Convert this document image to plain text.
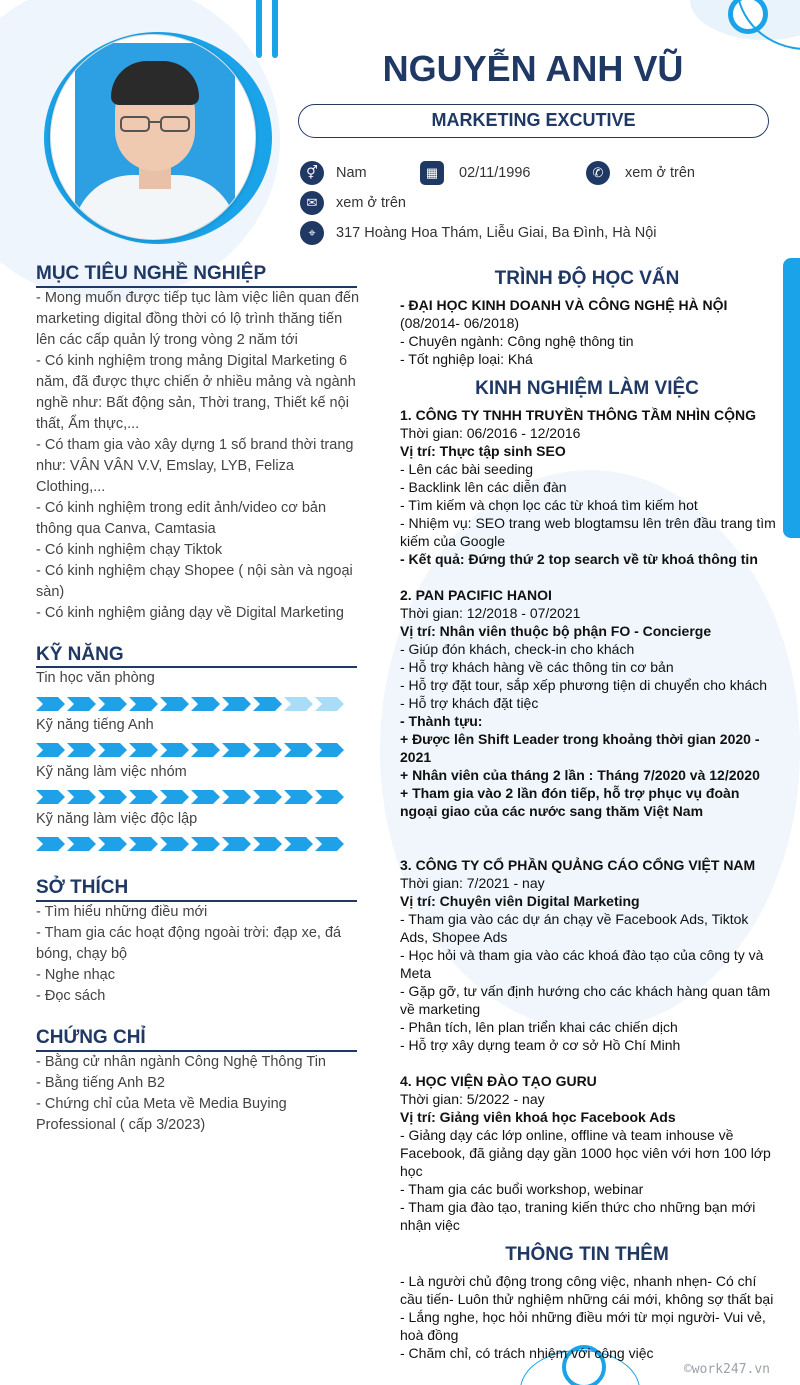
NGUYỄN ANH VŨ
MARKETING EXCUTIVE
⚥	Nam	▦	02/11/1996	✆	xem ở trên
✉	xem ở trên
⌖	317 Hoàng Hoa Thám, Liễu Giai, Ba Đình, Hà Nội
MỤC TIÊU NGHỀ NGHIỆP

- Mong muốn được tiếp tục làm việc liên quan đến marketing digital đồng thời có lộ trình thăng tiến lên các cấp quản lý trong vòng 2 năm tới

- Có kinh nghiệm trong mảng Digital Marketing 6 năm, đã được thực chiến ở nhiều mảng và ngành nghề như: Bất động sản, Thời trang, Thiết kế nội thất, Ẩm thực,...

- Có tham gia vào xây dựng 1 số brand thời trang như: VÂN VÂN V.V, Emslay, LYB, Feliza Clothing,...

- Có kinh nghiệm trong edit ảnh/video cơ bản thông qua Canva, Camtasia

- Có kinh nghiệm chạy Tiktok

- Có kinh nghiệm chạy Shopee ( nội sàn và ngoại sàn)

- Có kinh nghiệm giảng dạy về Digital Marketing

KỸ NĂNG
Tin học văn phòng
Kỹ năng tiếng Anh
Kỹ năng làm việc nhóm
Kỹ năng làm việc độc lập
SỞ THÍCH

- Tìm hiểu những điều mới

- Tham gia các hoạt động ngoài trời: đạp xe, đá bóng, chạy bộ

- Nghe nhạc

- Đọc sách

CHỨNG CHỈ

- Bằng cử nhân ngành Công Nghệ Thông Tin

- Bằng tiếng Anh B2

- Chứng chỉ của Meta về Media Buying Professional ( cấp 3/2023)

TRÌNH ĐỘ HỌC VẤN

- ĐẠI HỌC KINH DOANH VÀ CÔNG NGHỆ HÀ NỘI

(08/2014- 06/2018)

- Chuyên ngành: Công nghệ thông tin

- Tốt nghiệp loại: Khá

KINH NGHIỆM LÀM VIỆC

1. CÔNG TY TNHH TRUYỀN THÔNG TẦM NHÌN CỘNG

Thời gian: 06/2016 - 12/2016

Vị trí: Thực tập sinh SEO

- Lên các bài seeding

- Backlink lên các diễn đàn

- Tìm kiếm và chọn lọc các từ khoá tìm kiếm hot

- Nhiệm vụ: SEO trang web blogtamsu lên trên đầu trang tìm kiếm của Google

- Kết quả: Đứng thứ 2 top search về từ khoá thông tin

2. PAN PACIFIC HANOI

Thời gian: 12/2018 - 07/2021

Vị trí: Nhân viên thuộc bộ phận FO - Concierge

- Giúp đón khách, check-in cho khách

- Hỗ trợ khách hàng về các thông tin cơ bản

- Hỗ trợ đặt tour, sắp xếp phương tiện di chuyển cho khách

- Hỗ trợ khách đặt tiệc

- Thành tựu:

+ Được lên Shift Leader trong khoảng thời gian 2020 - 2021

+ Nhân viên của tháng 2 lần : Tháng 7/2020 và 12/2020

+ Tham gia vào 2 lần đón tiếp, hỗ trợ phục vụ đoàn ngoại giao của các nước sang thăm Việt Nam

3. CÔNG TY CỔ PHẦN QUẢNG CÁO CỔNG VIỆT NAM

Thời gian: 7/2021 - nay

Vị trí: Chuyên viên Digital Marketing

- Tham gia vào các dự án chạy về Facebook Ads, Tiktok Ads, Shopee Ads

- Học hỏi và tham gia vào các khoá đào tạo của công ty và Meta

- Gặp gỡ, tư vấn định hướng cho các khách hàng quan tâm về marketing

- Phân tích, lên plan triển khai các chiến dịch

- Hỗ trợ xây dựng team ở cơ sở Hồ Chí Minh

4. HỌC VIỆN ĐÀO TẠO GURU

Thời gian: 5/2022 - nay

Vị trí: Giảng viên khoá học Facebook Ads

- Giảng dạy các lớp online, offline và team inhouse về Facebook, đã giảng dạy gần 1000 học viên với hơn 100 lớp học

- Tham gia các buổi workshop, webinar

- Tham gia đào tạo, traning kiến thức cho những bạn mới nhận việc

THÔNG TIN THÊM

- Là người chủ động trong công việc, nhanh nhẹn- Có chí cầu tiến- Luôn thử nghiệm những cái mới, không sợ thất bại - Lắng nghe, học hỏi những điều mới từ mọi người- Vui vẻ, hoà đồng

- Chăm chỉ, có trách nhiệm với công việc

©work247.vn
